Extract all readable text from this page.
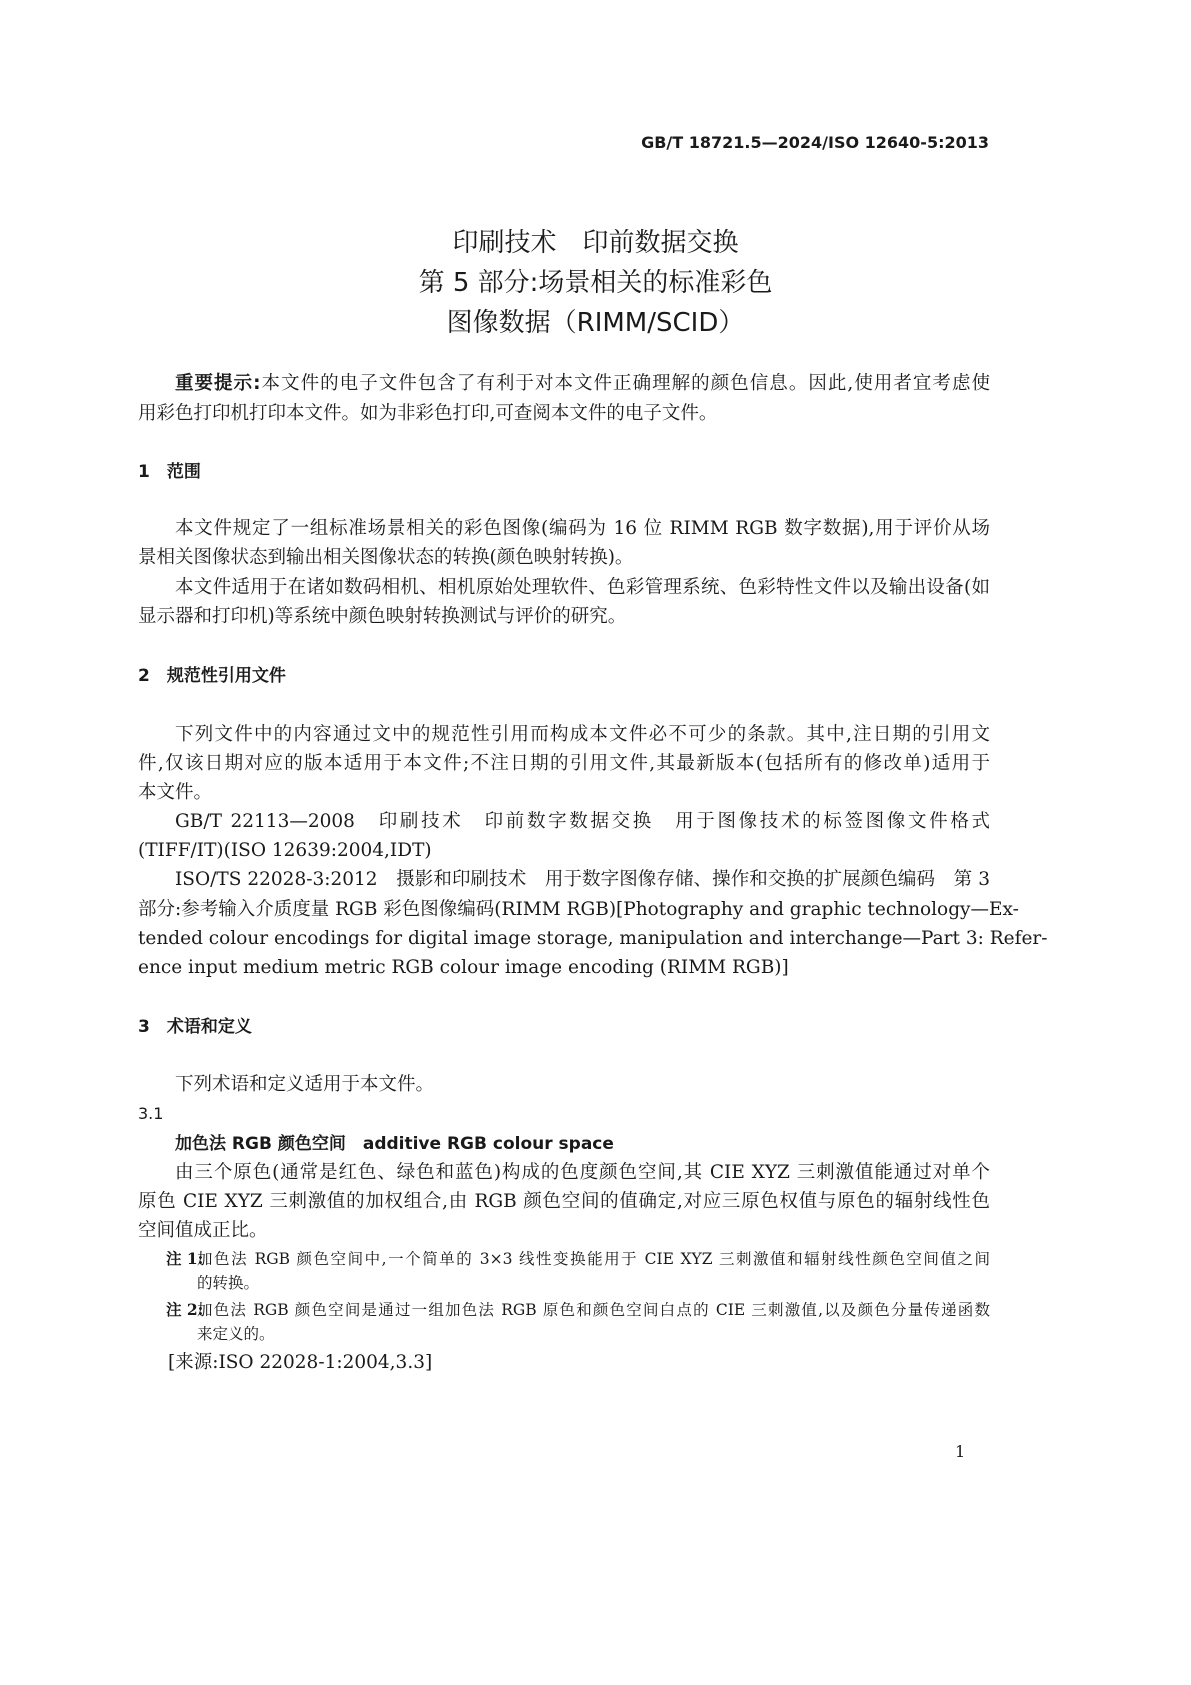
GB/T 18721.5—2024/ISO 12640-5:2013
印刷技术　印前数据交换
第 5 部分:场景相关的标准彩色
图像数据（RIMM/SCID）
重要提示:本文件的电子文件包含了有利于对本文件正确理解的颜色信息。因此,使用者宜考虑使
用彩色打印机打印本文件。如为非彩色打印,可查阅本文件的电子文件。
1　 范围
本文件规定了一组标准场景相关的彩色图像(编码为 16 位 RIMM RGB 数字数据),用于评价从场
景相关图像状态到输出相关图像状态的转换(颜色映射转换)。
本文件适用于在诸如数码相机、相机原始处理软件、色彩管理系统、色彩特性文件以及输出设备(如
显示器和打印机)等系统中颜色映射转换测试与评价的研究。
2　 规范性引用文件
下列文件中的内容通过文中的规范性引用而构成本文件必不可少的条款。其中,注日期的引用文
件,仅该日期对应的版本适用于本文件;不注日期的引用文件,其最新版本(包括所有的修改单)适用于
本文件。
GB/T 22113—2008　印刷技术　印前数字数据交换　用于图像技术的标签图像文件格式
(TIFF/IT)(ISO 12639:2004,IDT)
ISO/TS 22028-3:2012　摄影和印刷技术　用于数字图像存储、操作和交换的扩展颜色编码　第 3
部分:参考输入介质度量 RGB 彩色图像编码(RIMM RGB)[Photography and graphic technology—Ex-
tended colour encodings for digital image storage, manipulation and interchange—Part 3: Refer-
ence input medium metric RGB colour image encoding (RIMM RGB)]
3　 术语和定义
下列术语和定义适用于本文件。
3.1
加色法 RGB 颜色空间　 additive RGB colour space
由三个原色(通常是红色、绿色和蓝色)构成的色度颜色空间,其 CIE XYZ 三刺激值能通过对单个
原色 CIE XYZ 三刺激值的加权组合,由 RGB 颜色空间的值确定,对应三原色权值与原色的辐射线性色
空间值成正比。
注 1:
加色法 RGB 颜色空间中,一个简单的 3×3 线性变换能用于 CIE XYZ 三刺激值和辐射线性颜色空间值之间
的转换。
注 2:
加色法 RGB 颜色空间是通过一组加色法 RGB 原色和颜色空间白点的 CIE 三刺激值,以及颜色分量传递函数
来定义的。
[来源:ISO 22028-1:2004,3.3]
1
